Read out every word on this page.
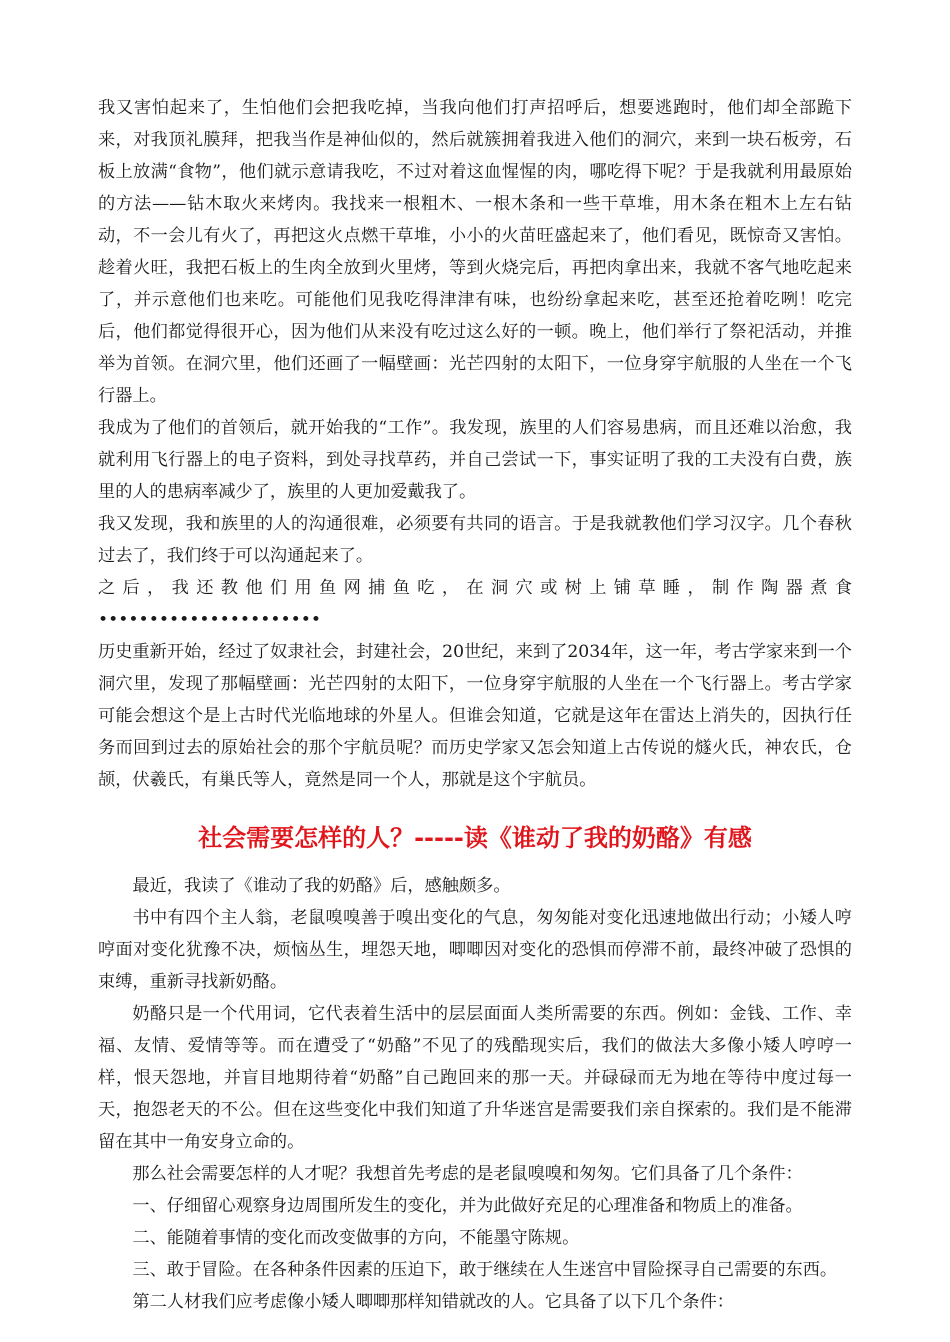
我又害怕起来了，生怕他们会把我吃掉，当我向他们打声招呼后，想要逃跑时，他们却全部跪下来，对我顶礼膜拜，把我当作是神仙似的，然后就簇拥着我进入他们的洞穴，来到一块石板旁，石板上放满“食物”，他们就示意请我吃，不过对着这血惺惺的肉，哪吃得下呢？于是我就利用最原始的方法——钻木取火来烤肉。我找来一根粗木、一根木条和一些干草堆，用木条在粗木上左右钻动，不一会儿有火了，再把这火点燃干草堆，小小的火苗旺盛起来了，他们看见，既惊奇又害怕。趁着火旺，我把石板上的生肉全放到火里烤，等到火烧完后，再把肉拿出来，我就不客气地吃起来了，并示意他们也来吃。可能他们见我吃得津津有味，也纷纷拿起来吃，甚至还抢着吃咧！吃完后，他们都觉得很开心，因为他们从来没有吃过这么好的一顿。晚上，他们举行了祭祀活动，并推举为首领。在洞穴里，他们还画了一幅壁画：光芒四射的太阳下，一位身穿宇航服的人坐在一个飞行器上。

我成为了他们的首领后，就开始我的“工作”。我发现，族里的人们容易患病，而且还难以治愈，我就利用飞行器上的电子资料，到处寻找草药，并自己尝试一下，事实证明了我的工夫没有白费，族里的人的患病率减少了，族里的人更加爱戴我了。

我又发现，我和族里的人的沟通很难，必须要有共同的语言。于是我就教他们学习汉字。几个春秋过去了，我们终于可以沟通起来了。

之后，我还教他们用鱼网捕鱼吃，在洞穴或树上铺草睡，制作陶器煮食••••••••••••••••••••••

历史重新开始，经过了奴隶社会，封建社会，20世纪，来到了2034年，这一年，考古学家来到一个洞穴里，发现了那幅壁画：光芒四射的太阳下，一位身穿宇航服的人坐在一个飞行器上。考古学家可能会想这个是上古时代光临地球的外星人。但谁会知道，它就是这年在雷达上消失的，因执行任务而回到过去的原始社会的那个宇航员呢？而历史学家又怎会知道上古传说的燧火氏，神农氏，仓颉，伏羲氏，有巢氏等人，竟然是同一个人，那就是这个宇航员。

社会需要怎样的人？-----读《谁动了我的奶酪》有感

最近，我读了《谁动了我的奶酪》后，感触颇多。

书中有四个主人翁，老鼠嗅嗅善于嗅出变化的气息，匆匆能对变化迅速地做出行动；小矮人哼哼面对变化犹豫不决，烦恼丛生，埋怨天地，唧唧因对变化的恐惧而停滞不前，最终冲破了恐惧的束缚，重新寻找新奶酪。

奶酪只是一个代用词，它代表着生活中的层层面面人类所需要的东西。例如：金钱、工作、幸福、友情、爱情等等。而在遭受了“奶酪”不见了的残酷现实后，我们的做法大多像小矮人哼哼一样，恨天怨地，并盲目地期待着“奶酪”自己跑回来的那一天。并碌碌而无为地在等待中度过每一天，抱怨老天的不公。但在这些变化中我们知道了升华迷宫是需要我们亲自探索的。我们是不能滞留在其中一角安身立命的。

那么社会需要怎样的人才呢？我想首先考虑的是老鼠嗅嗅和匆匆。它们具备了几个条件：

一、仔细留心观察身边周围所发生的变化，并为此做好充足的心理准备和物质上的准备。

二、能随着事情的变化而改变做事的方向，不能墨守陈规。

三、敢于冒险。在各种条件因素的压迫下，敢于继续在人生迷宫中冒险探寻自己需要的东西。

第二人材我们应考虑像小矮人唧唧那样知错就改的人。它具备了以下几个条件：
